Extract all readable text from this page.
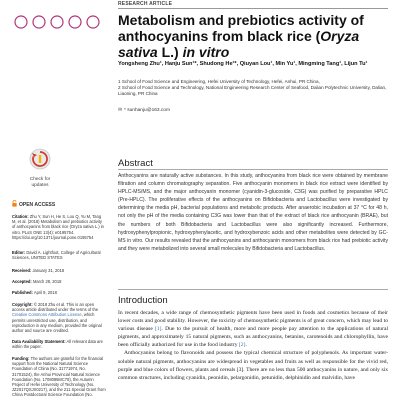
RESEARCH ARTICLE
Metabolism and prebiotics activity of anthocyanins from black rice (Oryza sativa L.) in vitro
Yongsheng Zhu¹, Hanju Sun¹*, Shudong He¹*, Qiuyan Lou¹, Min Yu¹, Mingming Tang¹, Lijun Tu¹
1 School of Food Science and Engineering, Hefei University of Technology, Hefei, Anhui, PR China,
2 School of Food Science and Technology, National Engineering Research Center of Seafood, Dalian Polytechnic University, Dalian, Liaoning, PR China
✉ * sunhanju@163.com
Check for
updates
OPEN ACCESS
Citation: Zhu Y, Sun H, He S, Lou Q, Yu M, Tang M, et al. (2018) Metabolism and prebiotics activity of anthocyanins from black rice (Oryza sativa L.) in vitro. PLoS ONE 13(4): e0195754. https://doi.org/10.1371/journal.pone.0195754
Editor: David A. Lightfoot, College of Agricultural Sciences, UNITED STATES
Received: January 31, 2018
Accepted: March 28, 2018
Published: April 9, 2018
Copyright: © 2018 Zhu et al. This is an open access article distributed under the terms of the Creative Commons Attribution License, which permits unrestricted use, distribution, and reproduction in any medium, provided the original author and source are credited.
Data Availability Statement: All relevant data are within the paper.
Funding: The authors are grateful for the financial support from the National Natural Science Foundation of China (No. 31771974, No. 31701524), the Anhui Provincial Natural Science Foundation (No. 1708085MC78), the Autumn Project of Hefei University of Technology (No. JZ2017QSJX0217), and the 211 Special Grant from China Postdoctoral Science Foundation (No.
Abstract

Anthocyanins are naturally active substances. In this study, anthocyanins from black rice were obtained by membrane filtration and column chromatography separation. Five anthocyanin monomers in black rice extract were identified by HPLC-MS/MS, and the major anthocyanin monomer (cyanidin-3-glucoside, C3G) was purified by preparative HPLC (Pre-HPLC). The proliferative effects of the anthocyanins on Bifidobacteria and Lactobacillus were investigated by determining the media pH, bacterial populations and metabolic products. After anaerobic incubation at 37 °C for 48 h, not only the pH of the media containing C3G was lower than that of the extract of black rice anthocyanin (BRAE), but the numbers of both Bifidobacteria and Lactobacillus were also significantly increased. Furthermore, hydroxyphenylpropionic, hydroxyphenylacetic, and hydroxybenzoic acids and other metabolites were detected by GC-MS in vitro. Our results revealed that the anthocyanins and anthocyanin monomers from black rice had prebiotic activity and they were metabolized into several small molecules by Bifidobacteria and Lactobacillus.

Introduction

In recent decades, a wide range of chemosynthetic pigments have been used in foods and cosmetics because of their lower costs and good stability. However, the toxicity of chemosynthetic pigments is of great concern, which may lead to various disease [1]. Due to the pursuit of health, more and more people pay attention to the applications of natural pigments, and approximately 15 natural pigments, such as anthocyanins, betanins, carotenoids and chlorophyllin, have been officially authorized for use in the food industry [2].

Anthocyanins belong to flavonoids and possess the typical chemical structure of polyphenols. As important water-soluble natural pigments, anthocyanins are widespread in vegetables and fruits as well as responsible for the vivid red, purple and blue colors of flowers, plants and cereals [3]. There are no less than 500 anthocyanins in nature, and only six common structures, including cyanidin, peonidin, pelargonidin, petunidin, delphinidin and malvidin, have
